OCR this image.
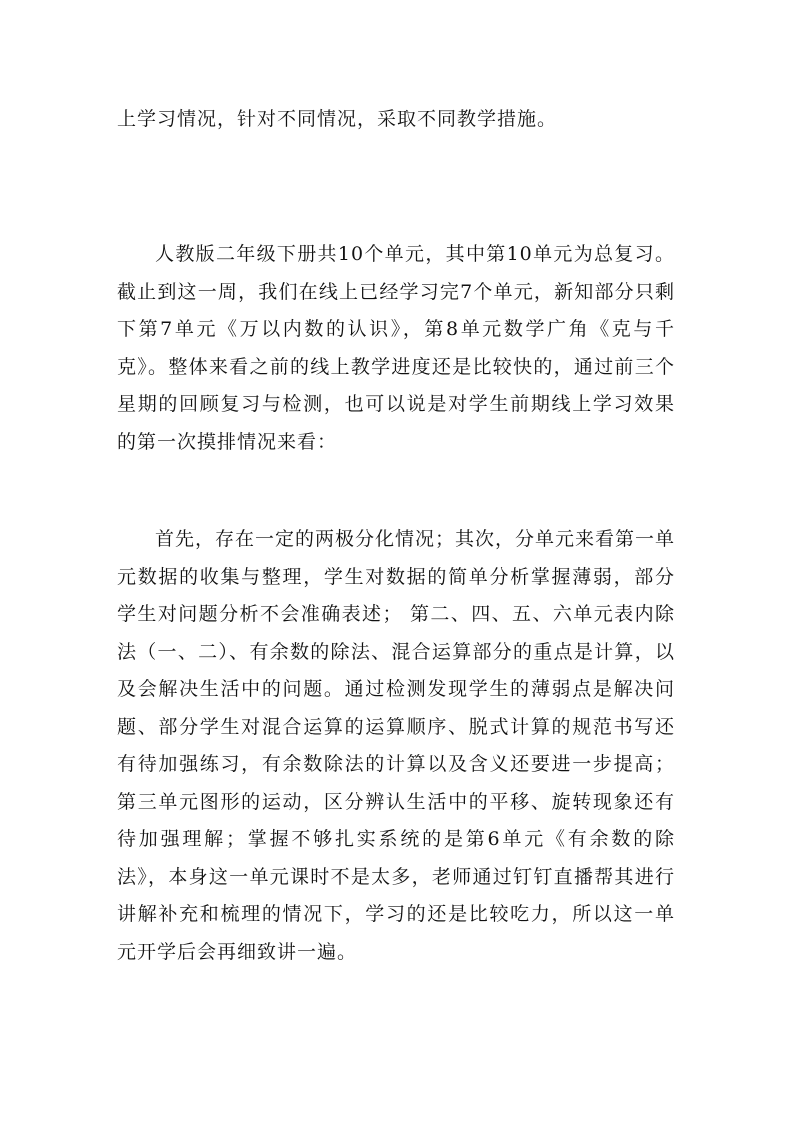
上学习情况，针对不同情况，采取不同教学措施。

人教版二年级下册共10个单元，其中第10单元为总复习。截止到这一周，我们在线上已经学习完7个单元，新知部分只剩下第7单元《万以内数的认识》，第8单元数学广角《克与千克》。整体来看之前的线上教学进度还是比较快的，通过前三个星期的回顾复习与检测，也可以说是对学生前期线上学习效果的第一次摸排情况来看：

首先，存在一定的两极分化情况；其次，分单元来看第一单元数据的收集与整理，学生对数据的简单分析掌握薄弱，部分学生对问题分析不会准确表述； 第二、四、五、六单元表内除法（一、二）、有余数的除法、混合运算部分的重点是计算，以及会解决生活中的问题。通过检测发现学生的薄弱点是解决问题、部分学生对混合运算的运算顺序、脱式计算的规范书写还有待加强练习，有余数除法的计算以及含义还要进一步提高；第三单元图形的运动，区分辨认生活中的平移、旋转现象还有待加强理解；掌握不够扎实系统的是第6单元《有余数的除法》，本身这一单元课时不是太多，老师通过钉钉直播帮其进行讲解补充和梳理的情况下，学习的还是比较吃力，所以这一单元开学后会再细致讲一遍。
